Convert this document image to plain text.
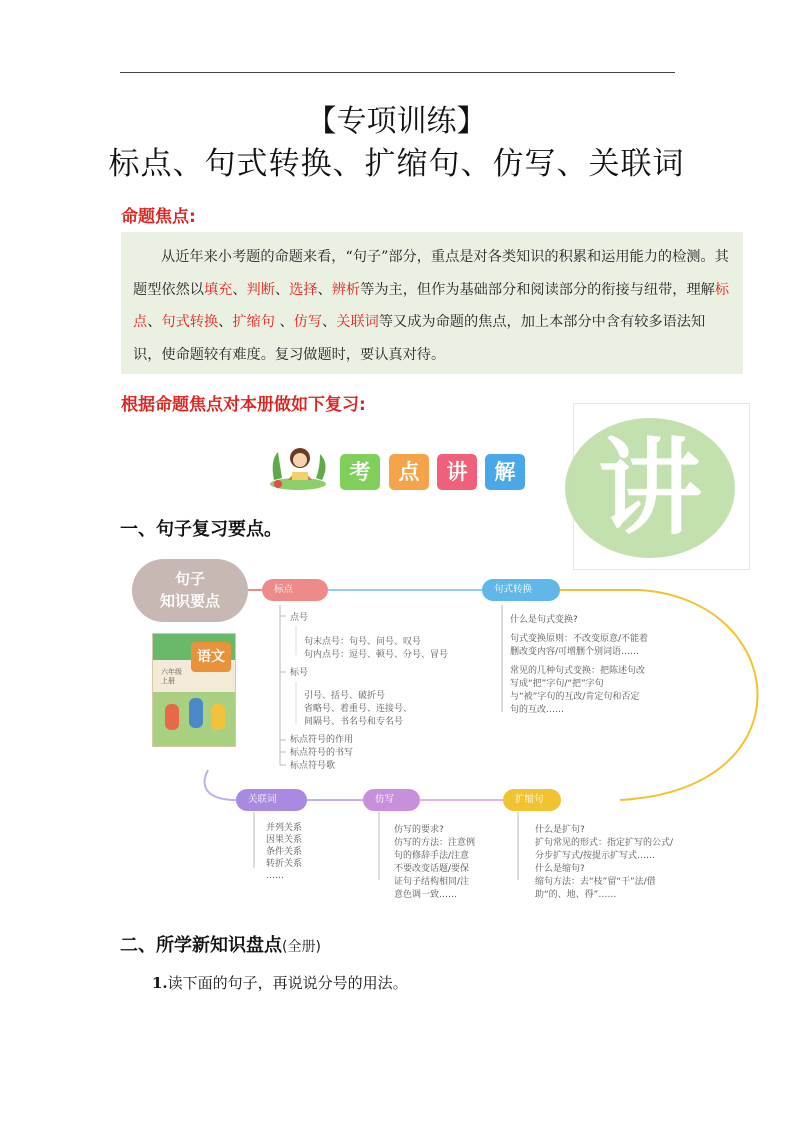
【专项训练】
标点、句式转换、扩缩句、仿写、关联词
命题焦点:
从近年来小考题的命题来看，“句子”部分，重点是对各类知识的积累和运用能力的检测。其题型依然以填充、判断、选择、辨析等为主，但作为基础部分和阅读部分的衔接与纽带，理解标点、句式转换、扩缩句 、仿写、关联词等又成为命题的焦点，加上本部分中含有较多语法知识，使命题较有难度。复习做题时，要认真对待。
根据命题焦点对本册做如下复习:
讲
考	点	讲	解
一、句子复习要点。
句子
知识要点
语文
六年级
上册
标点
点号
句末点号：句号、问号、叹号
句内点号：逗号、顿号、分号、冒号
标号
引号、括号、破折号
省略号、着重号、连接号、
间隔号、书名号和专名号
标点符号的作用
标点符号的书写
标点符号歌
句式转换
什么是句式变换?
句式变换原则：不改变原意/不能着
删改变内容/可增删个别词语……
常见的几种句式变换：把陈述句改
写成“把”字句/“把”字句
与“被”字句的互改/肯定句和否定
句的互改……
扩缩句
什么是扩句?
扩句常见的形式：指定扩写的公式/
分步扩写式/按提示扩写式……
什么是缩句?
缩句方法：去“枝”留“干”法/借
助“的、地、得”……
仿写
仿写的要求?
仿写的方法：注意例
句的修辞手法/注意
不要改变话题/要保
证句子结构相同/注
意色调一致……
关联词
并列关系
因果关系
条件关系
转折关系
……
二、所学新知识盘点(全册)
1.读下面的句子，再说说分号的用法。
